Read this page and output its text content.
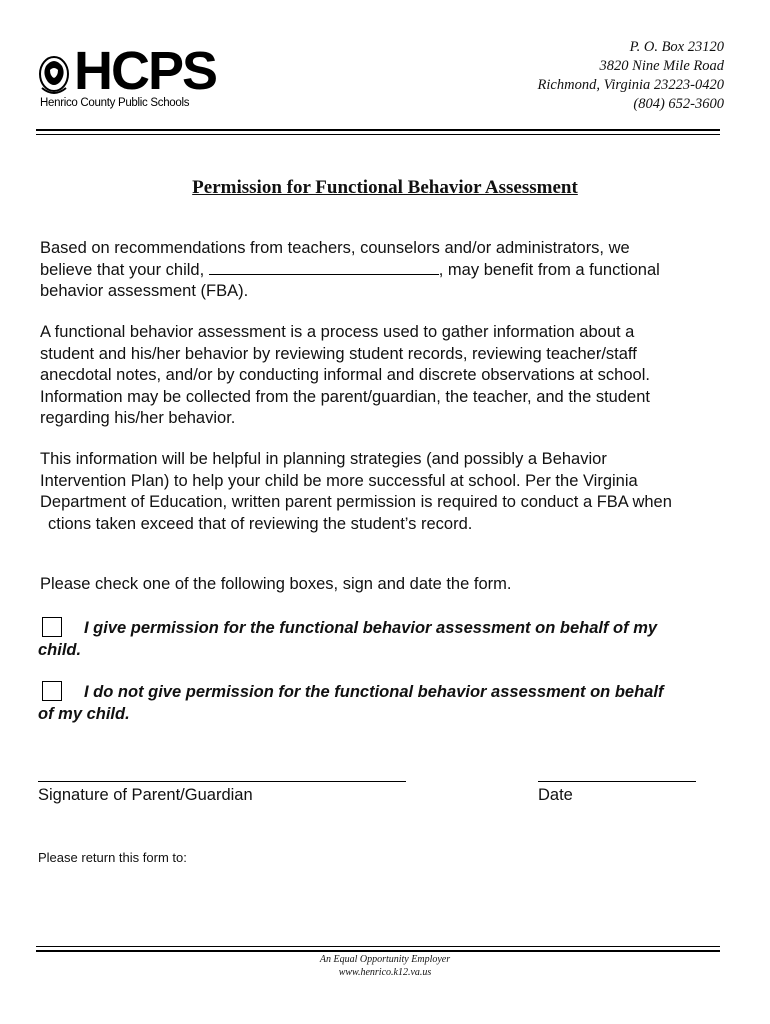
HCPS
Henrico County Public Schools
P. O. Box 23120
3820 Nine Mile Road
Richmond, Virginia 23223-0420
(804) 652-3600
Permission for Functional Behavior Assessment

Based on recommendations from teachers, counselors and/or administrators, we

believe that your child,	, may benefit from a functional

behavior assessment (FBA).

A functional behavior assessment is a process used to gather information about a

student and his/her behavior by reviewing student records, reviewing teacher/staff

anecdotal notes, and/or by conducting informal and discrete observations at school.

Information may be collected from the parent/guardian, the teacher, and the student

regarding his/her behavior.

This information will be helpful in planning strategies (and possibly a Behavior

Intervention Plan) to help your child be more successful at school. Per the Virginia

Department of Education, written parent permission is required to conduct a FBA when

ctions taken exceed that of reviewing the student’s record.

Please check one of the following boxes, sign and date the form.
I give permission for the functional behavior assessment on behalf of my
child.
I do not give permission for the functional behavior assessment on behalf
of my child.
Signature of Parent/Guardian	Date
Please return this form to:
An Equal Opportunity Employer
www.henrico.k12.va.us
